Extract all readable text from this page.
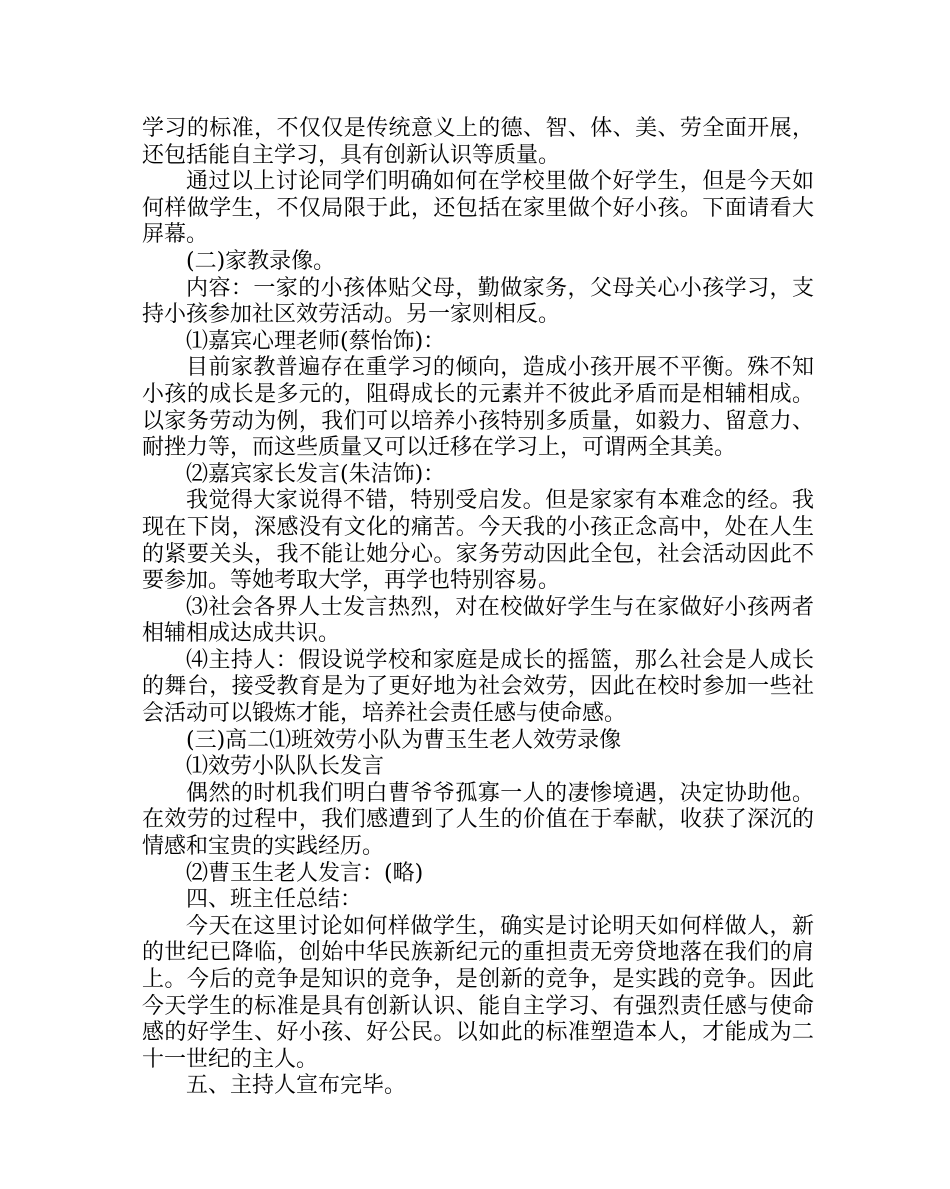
学习的标准，不仅仅是传统意义上的德、智、体、美、劳全面开展，还包括能自主学习，具有创新认识等质量。

通过以上讨论同学们明确如何在学校里做个好学生，但是今天如何样做学生，不仅局限于此，还包括在家里做个好小孩。下面请看大屏幕。

(二)家教录像。

内容：一家的小孩体贴父母，勤做家务，父母关心小孩学习，支持小孩参加社区效劳活动。另一家则相反。

⑴嘉宾心理老师(蔡怡饰)：

目前家教普遍存在重学习的倾向，造成小孩开展不平衡。殊不知小孩的成长是多元的，阻碍成长的元素并不彼此矛盾而是相辅相成。以家务劳动为例，我们可以培养小孩特别多质量，如毅力、留意力、耐挫力等，而这些质量又可以迁移在学习上，可谓两全其美。

⑵嘉宾家长发言(朱洁饰)：

我觉得大家说得不错，特别受启发。但是家家有本难念的经。我现在下岗，深感没有文化的痛苦。今天我的小孩正念高中，处在人生的紧要关头，我不能让她分心。家务劳动因此全包，社会活动因此不要参加。等她考取大学，再学也特别容易。

⑶社会各界人士发言热烈，对在校做好学生与在家做好小孩两者相辅相成达成共识。

⑷主持人：假设说学校和家庭是成长的摇篮，那么社会是人成长的舞台，接受教育是为了更好地为社会效劳，因此在校时参加一些社会活动可以锻炼才能，培养社会责任感与使命感。

(三)高二⑴班效劳小队为曹玉生老人效劳录像

⑴效劳小队队长发言

偶然的时机我们明白曹爷爷孤寡一人的凄惨境遇，决定协助他。在效劳的过程中，我们感遭到了人生的价值在于奉献，收获了深沉的情感和宝贵的实践经历。

⑵曹玉生老人发言：(略)

四、班主任总结：

今天在这里讨论如何样做学生，确实是讨论明天如何样做人，新的世纪已降临，创始中华民族新纪元的重担责无旁贷地落在我们的肩上。今后的竞争是知识的竞争，是创新的竞争，是实践的竞争。因此今天学生的标准是具有创新认识、能自主学习、有强烈责任感与使命感的好学生、好小孩、好公民。以如此的标准塑造本人，才能成为二十一世纪的主人。

五、主持人宣布完毕。
